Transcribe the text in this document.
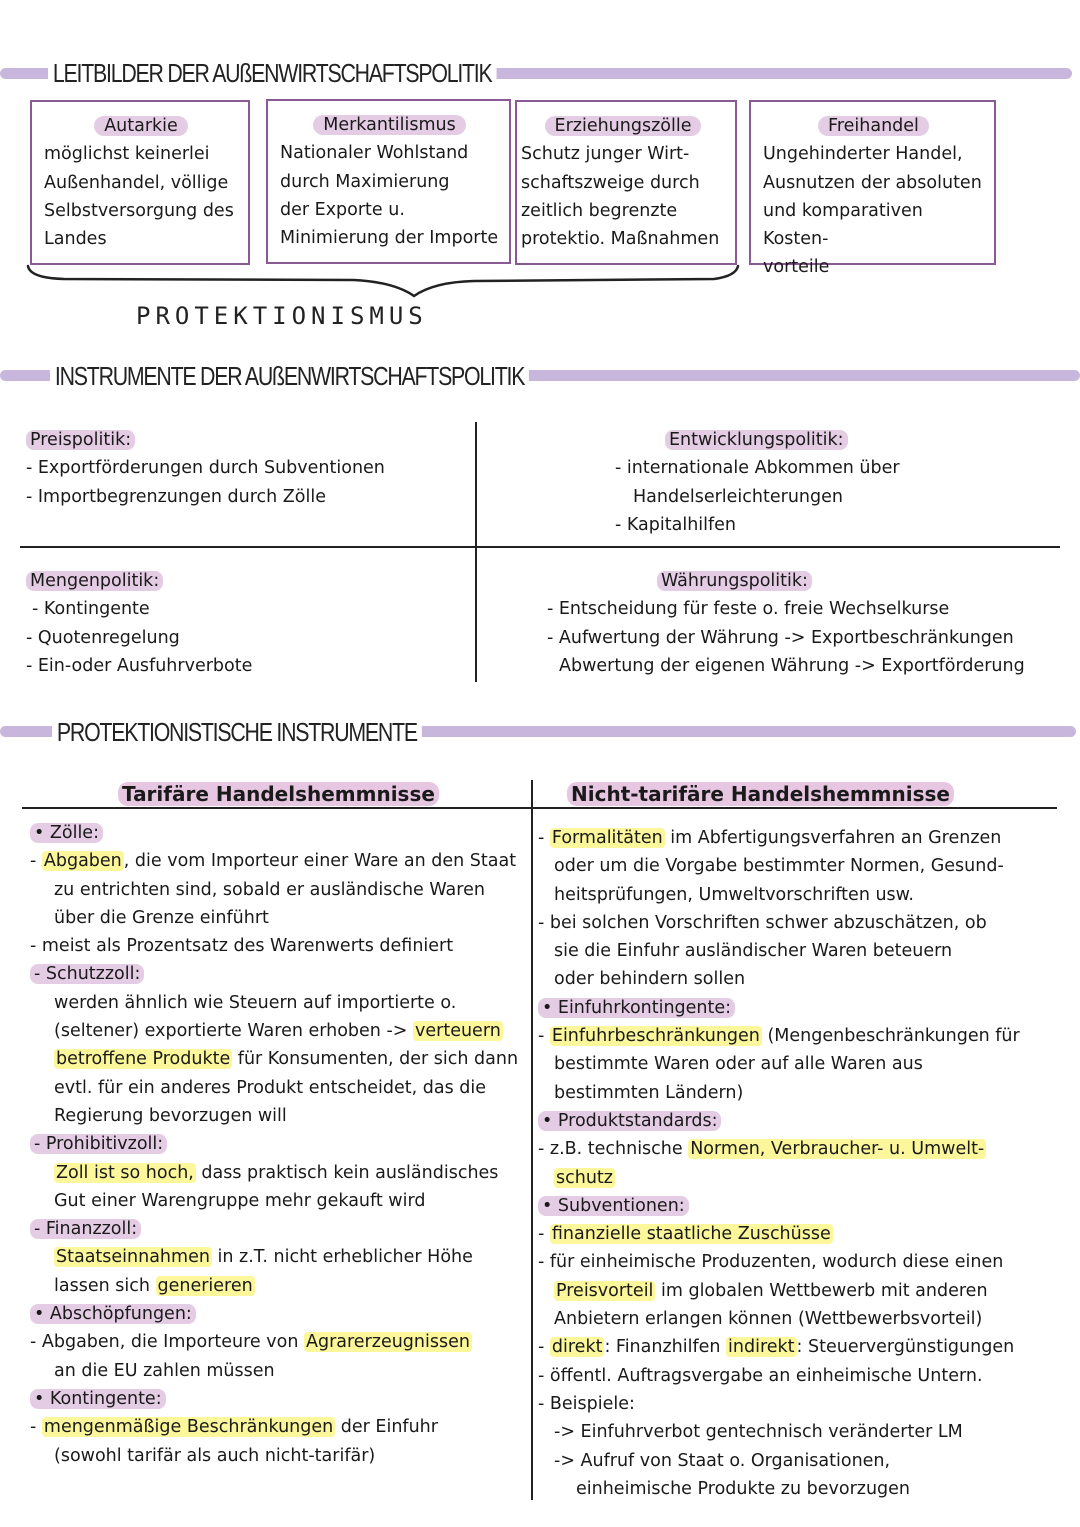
LEITBILDER DER AUßENWIRTSCHAFTSPOLITIK
Autarkie
möglichst keinerlei
Außenhandel, völlige
Selbstversorgung des
Landes
Merkantilismus
Nationaler Wohlstand
durch Maximierung
der Exporte u.
Minimierung der Importe
Erziehungszölle
Schutz junger Wirt-
schaftszweige durch
zeitlich begrenzte
protektio. Maßnahmen
Freihandel
Ungehinderter Handel,
Ausnutzen der absoluten
und komparativen Kosten-
vorteile
PROTEKTIONISMUS
INSTRUMENTE DER AUßENWIRTSCHAFTSPOLITIK

Preispolitik:

- Exportförderungen durch Subventionen

- Importbegrenzungen durch Zölle

Entwicklungspolitik:

- internationale Abkommen über

Handelserleichterungen

- Kapitalhilfen

Mengenpolitik:

- Kontingente

- Quotenregelung

- Ein-oder Ausfuhrverbote

Währungspolitik:

- Entscheidung für feste o. freie Wechselkurse

- Aufwertung der Währung -> Exportbeschränkungen

Abwertung der eigenen Währung -> Exportförderung

PROTEKTIONISTISCHE INSTRUMENTE
Tarifäre Handelshemmnisse	Nicht-tarifäre Handelshemmnisse

• Zölle:

- Abgaben , die vom Importeur einer Ware an den Staat

zu entrichten sind, sobald er ausländische Waren

über die Grenze einführt

- meist als Prozentsatz des Warenwerts definiert

- Schutzzoll:

werden ähnlich wie Steuern auf importierte o.

(seltener) exportierte Waren erhoben -> verteuern

betroffene Produkte für Konsumenten, der sich dann

evtl. für ein anderes Produkt entscheidet, das die

Regierung bevorzugen will

- Prohibitivzoll:

Zoll ist so hoch, dass praktisch kein ausländisches

Gut einer Warengruppe mehr gekauft wird

- Finanzzoll:

Staatseinnahmen in z.T. nicht erheblicher Höhe

lassen sich generieren

• Abschöpfungen:

- Abgaben, die Importeure von Agrarerzeugnissen

an die EU zahlen müssen

• Kontingente:

- mengenmäßige Beschränkungen der Einfuhr

(sowohl tarifär als auch nicht-tarifär)

- Formalitäten im Abfertigungsverfahren an Grenzen

oder um die Vorgabe bestimmter Normen, Gesund-

heitsprüfungen, Umweltvorschriften usw.

- bei solchen Vorschriften schwer abzuschätzen, ob

sie die Einfuhr ausländischer Waren beteuern

oder behindern sollen

• Einfuhrkontingente:

- Einfuhrbeschränkungen (Mengenbeschränkungen für

bestimmte Waren oder auf alle Waren aus

bestimmten Ländern)

• Produktstandards:

- z.B. technische Normen, Verbraucher- u. Umwelt-

schutz

• Subventionen:

- finanzielle staatliche Zuschüsse

- für einheimische Produzenten, wodurch diese einen

Preisvorteil im globalen Wettbewerb mit anderen

Anbietern erlangen können (Wettbewerbsvorteil)

- direkt : Finanzhilfen indirekt : Steuervergünstigungen

- öffentl. Auftragsvergabe an einheimische Untern.

- Beispiele:

-> Einfuhrverbot gentechnisch veränderter LM

-> Aufruf von Staat o. Organisationen,

einheimische Produkte zu bevorzugen
